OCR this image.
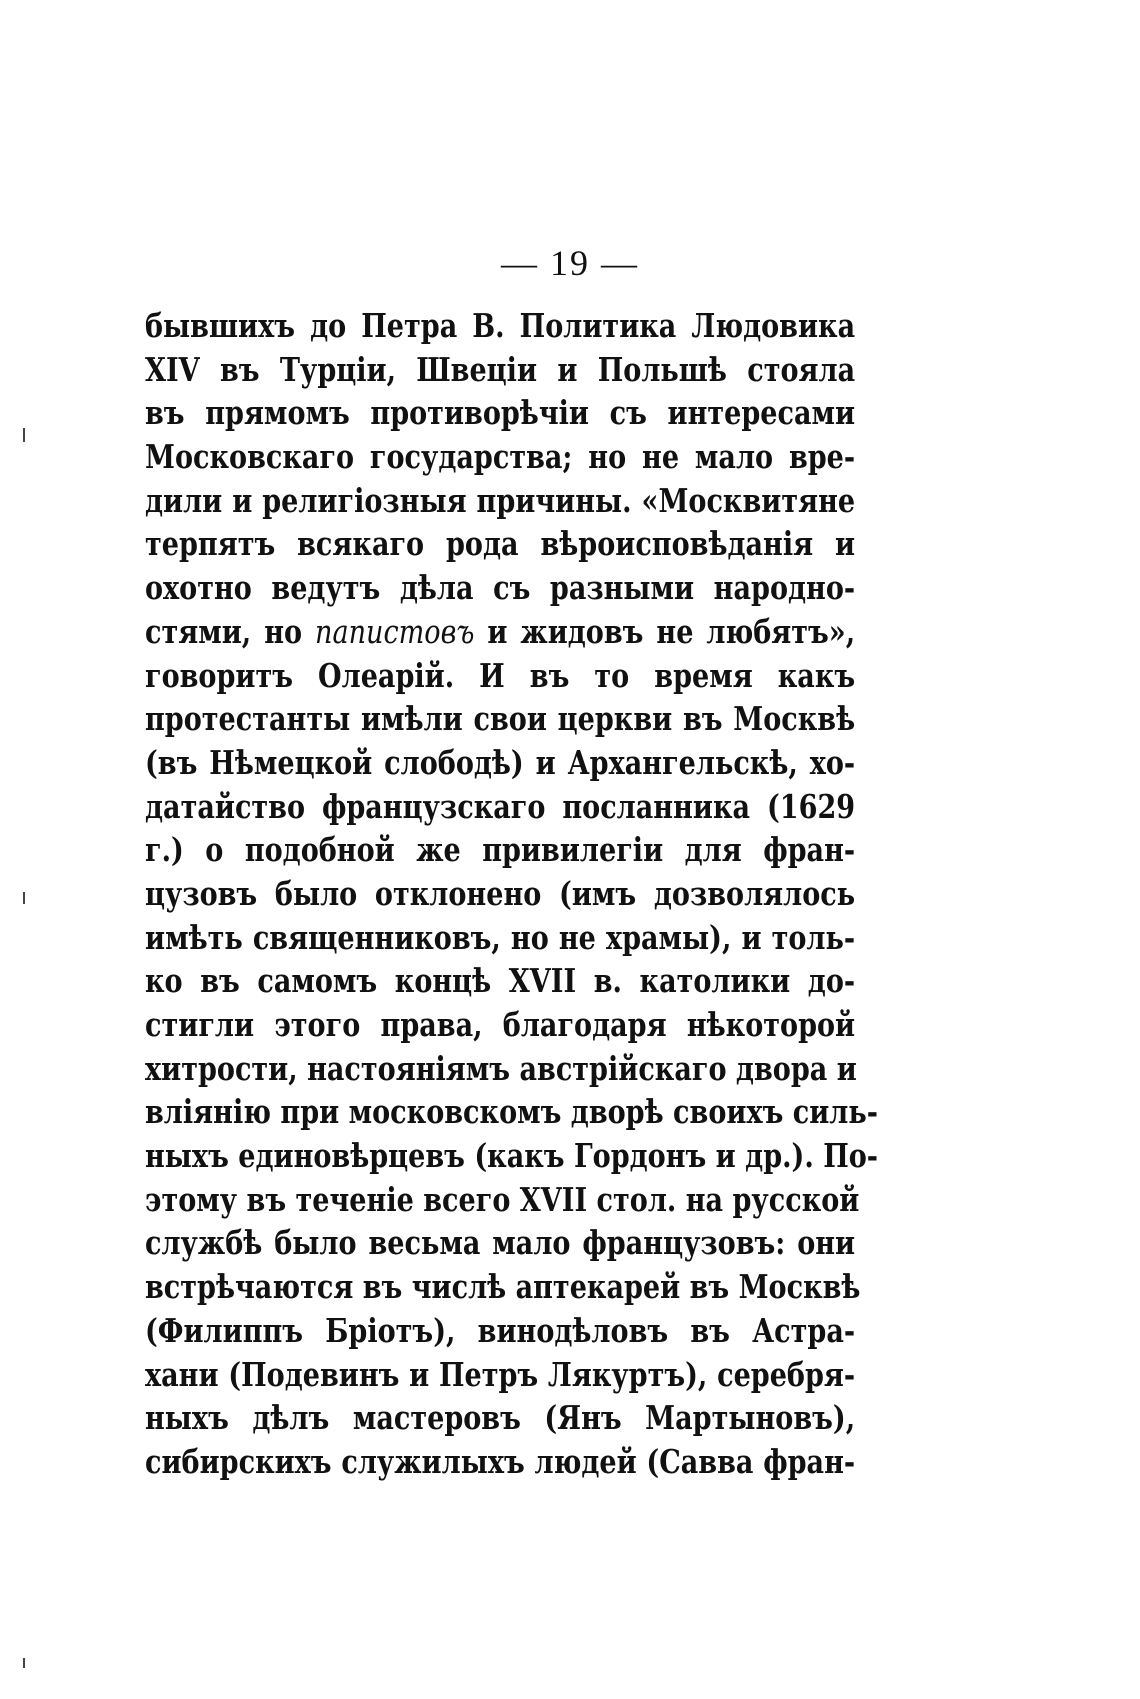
— 19 —
бывшихъ до Петра В. Политика Людовика
XIV въ Турціи, Швеціи и Польшѣ стояла
въ прямомъ противорѣчіи съ интересами
Московскаго государства; но не мало вре-
дили и религіозныя причины. «Москвитяне
терпятъ всякаго рода вѣроисповѣданія и
охотно ведутъ дѣла съ разными народно-
стями, но папистовъ и жидовъ не любятъ»,
говоритъ Олеарій. И въ то время какъ
протестанты имѣли свои церкви въ Москвѣ
(въ Нѣмецкой слободѣ) и Архангельскѣ, хо-
датайство французскаго посланника (1629
г.) о подобной же привилегіи для фран-
цузовъ было отклонено (имъ дозволялось
имѣть священниковъ, но не храмы), и толь-
ко въ самомъ концѣ XVII в. католики до-
стигли этого права, благодаря нѣкоторой
хитрости, настояніямъ австрійскаго двора и
вліянію при московскомъ дворѣ своихъ силь-
ныхъ единовѣрцевъ (какъ Гордонъ и др.). По-
этому въ теченіе всего XVII стол. на русской
службѣ было весьма мало французовъ: они
встрѣчаются въ числѣ аптекарей въ Москвѣ
(Филиппъ Бріотъ), винодѣловъ въ Астра-
хани (Подевинъ и Петръ Лякуртъ), серебря-
ныхъ дѣлъ мастеровъ (Янъ Мартыновъ),
сибирскихъ служилыхъ людей (Савва фран-
